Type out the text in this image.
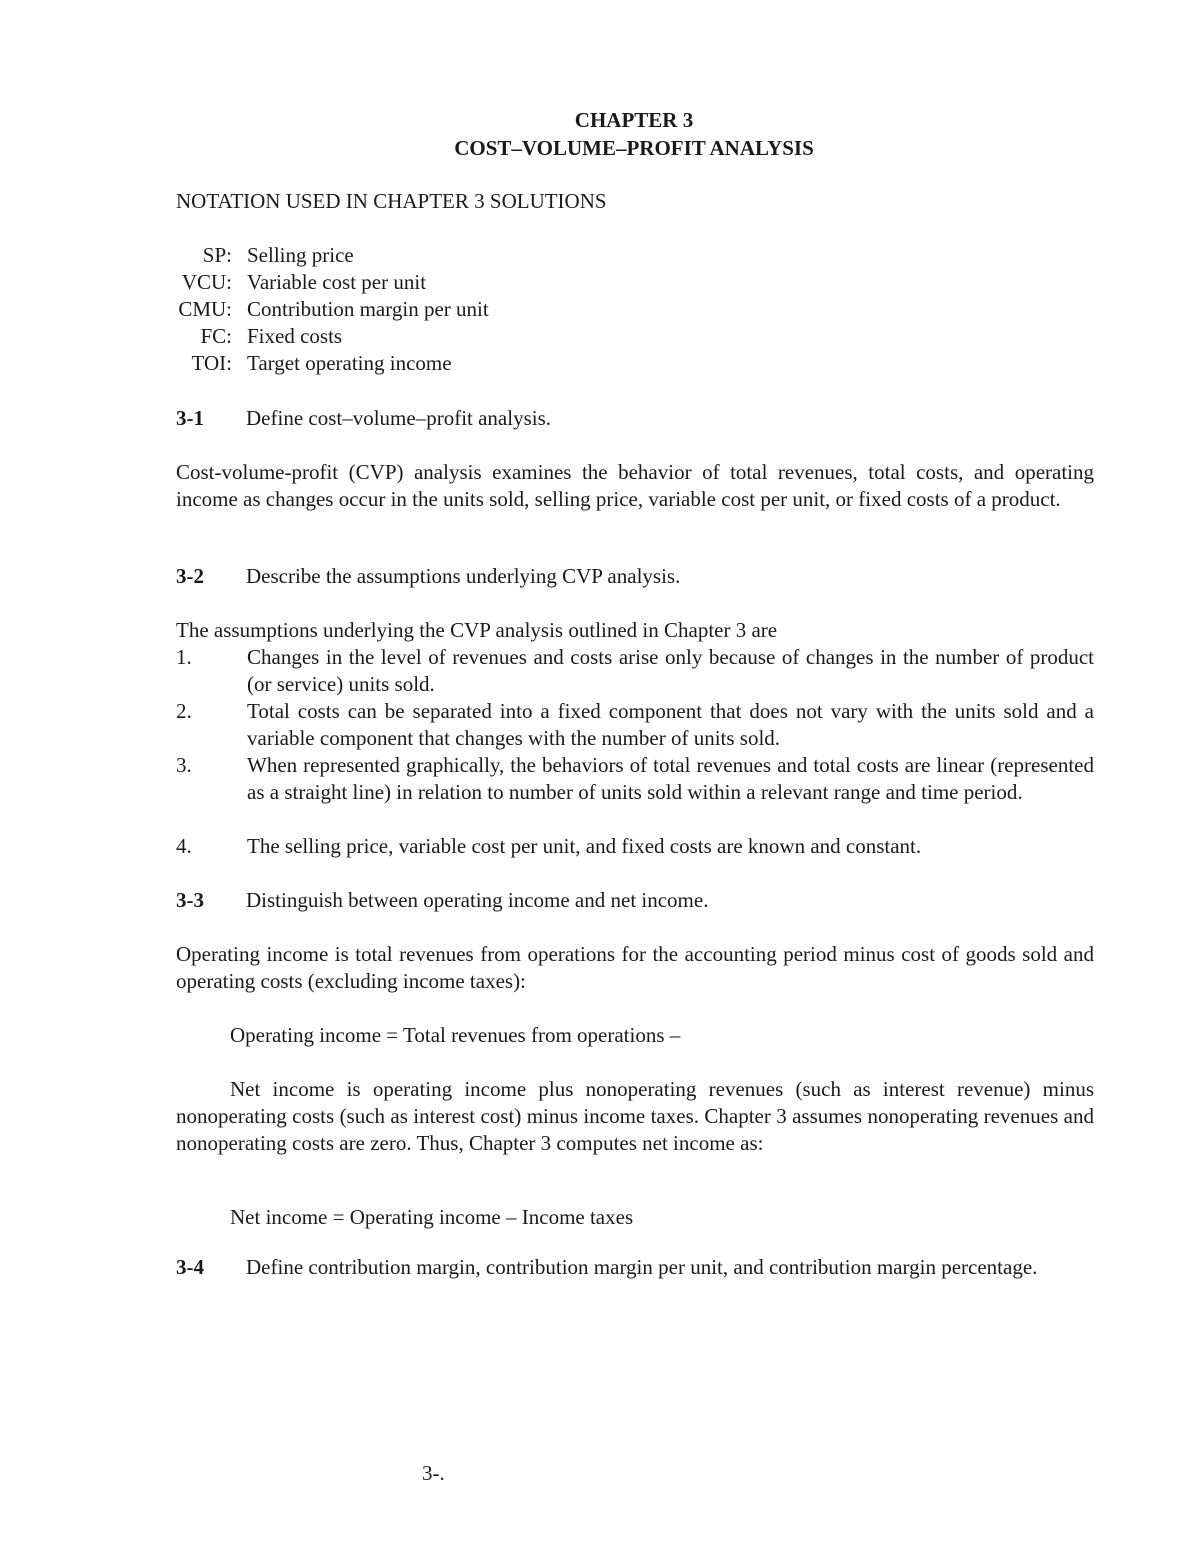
CHAPTER 3
COST–VOLUME–PROFIT ANALYSIS
NOTATION USED IN CHAPTER 3 SOLUTIONS
SP: Selling price
VCU: Variable cost per unit
CMU: Contribution margin per unit
FC: Fixed costs
TOI: Target operating income
3-1 Define cost–volume–profit analysis.
Cost-volume-profit (CVP) analysis examines the behavior of total revenues, total costs, and operating income as changes occur in the units sold, selling price, variable cost per unit, or fixed costs of a product.
3-2 Describe the assumptions underlying CVP analysis.
The assumptions underlying the CVP analysis outlined in Chapter 3 are
1.	Changes in the level of revenues and costs arise only because of changes in the number of product (or service) units sold.
2.	Total costs can be separated into a fixed component that does not vary with the units sold and a variable component that changes with the number of units sold.
3.	When represented graphically, the behaviors of total revenues and total costs are linear (represented as a straight line) in relation to number of units sold within a relevant range and time period.
4.	The selling price, variable cost per unit, and fixed costs are known and constant.
3-3 Distinguish between operating income and net income.
Operating income is total revenues from operations for the accounting period minus cost of goods sold and operating costs (excluding income taxes):
Operating income = Total revenues from operations –
Net income is operating income plus nonoperating revenues (such as interest revenue) minus nonoperating costs (such as interest cost) minus income taxes. Chapter 3 assumes nonoperating revenues and nonoperating costs are zero. Thus, Chapter 3 computes net income as:
Net income = Operating income – Income taxes
3-4	Define contribution margin, contribution margin per unit, and contribution margin percentage.
3-.
